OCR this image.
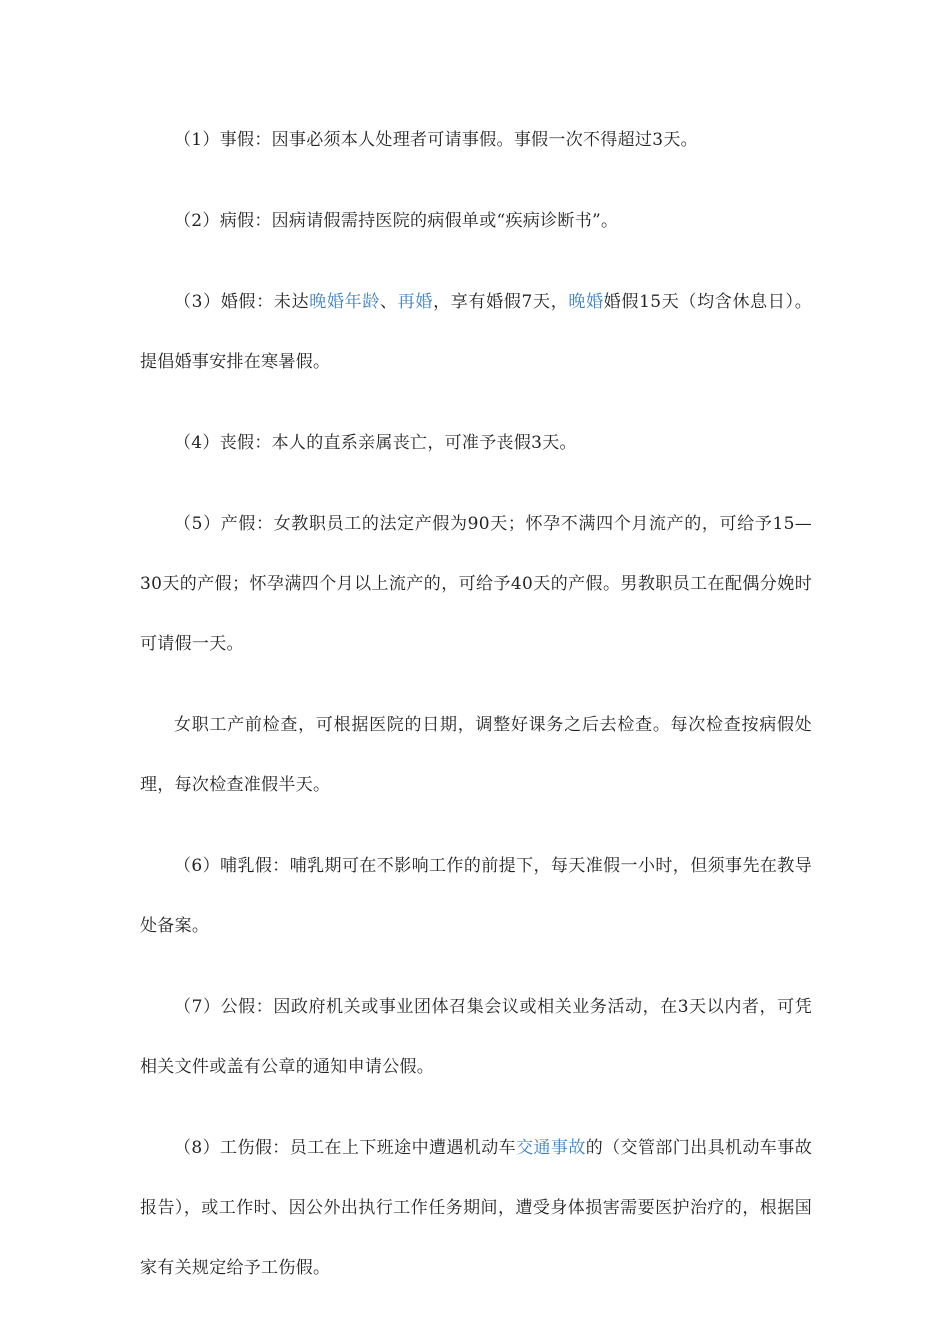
（1）事假：因事必须本人处理者可请事假。事假一次不得超过3天。

（2）病假：因病请假需持医院的病假单或“疾病诊断书”。

（3）婚假：未达晚婚年龄、再婚，享有婚假7天，晚婚婚假15天（均含休息日）。提倡婚事安排在寒暑假。

（4）丧假：本人的直系亲属丧亡，可准予丧假3天。

（5）产假：女教职员工的法定产假为90天；怀孕不满四个月流产的，可给予15—30天的产假；怀孕满四个月以上流产的，可给予40天的产假。男教职员工在配偶分娩时可请假一天。

女职工产前检查，可根据医院的日期，调整好课务之后去检查。每次检查按病假处理，每次检查准假半天。

（6）哺乳假：哺乳期可在不影响工作的前提下，每天准假一小时，但须事先在教导处备案。

（7）公假：因政府机关或事业团体召集会议或相关业务活动，在3天以内者，可凭相关文件或盖有公章的通知申请公假。

（8）工伤假：员工在上下班途中遭遇机动车交通事故的（交管部门出具机动车事故报告），或工作时、因公外出执行工作任务期间，遭受身体损害需要医护治疗的，根据国家有关规定给予工伤假。
